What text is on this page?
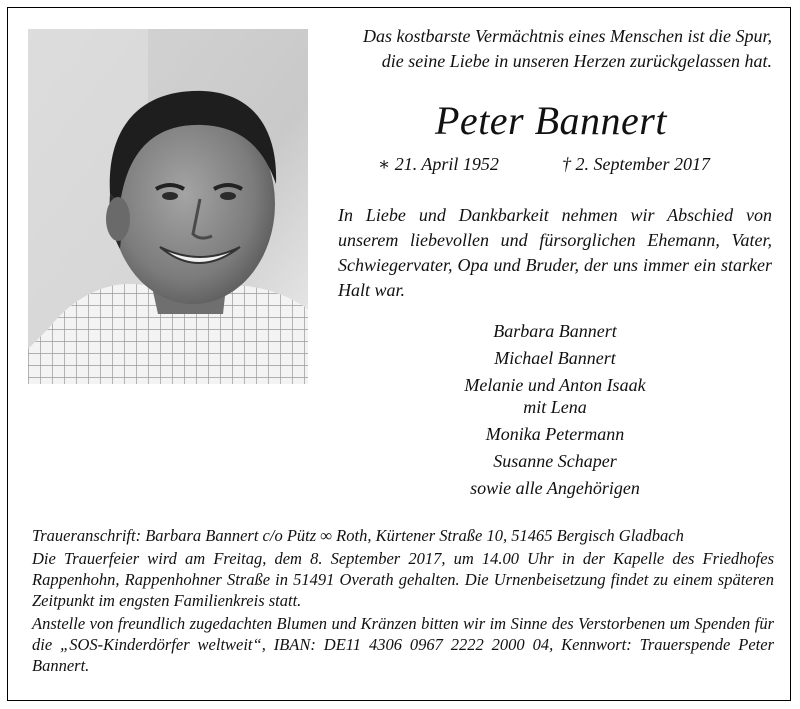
Das kostbarste Vermächtnis eines Menschen ist die Spur,
die seine Liebe in unseren Herzen zurückgelassen hat.
Peter Bannert
∗ 21. April 1952	† 2. September 2017
In Liebe und Dankbarkeit nehmen wir Abschied von unserem liebevollen und fürsorglichen Ehemann, Vater, Schwiegervater, Opa und Bruder, der uns immer ein starker Halt war.
Barbara Bannert
Michael Bannert
Melanie und Anton Isaak
mit Lena
Monika Petermann
Susanne Schaper
sowie alle Angehörigen

Traueranschrift: Barbara Bannert c/o Pütz ∞ Roth, Kürtener Straße 10, 51465 Bergisch Gladbach

Die Trauerfeier wird am Freitag, dem 8. September 2017, um 14.00 Uhr in der Kapelle des Friedhofes Rappenhohn, Rappenhohner Straße in 51491 Overath gehalten. Die Urnenbeisetzung findet zu einem späteren Zeitpunkt im engsten Familienkreis statt.

Anstelle von freundlich zugedachten Blumen und Kränzen bitten wir im Sinne des Verstorbenen um Spenden für die „SOS-Kinderdörfer weltweit“, IBAN: DE11 4306 0967 2222 2000 04, Kennwort: Trauerspende Peter Bannert.
